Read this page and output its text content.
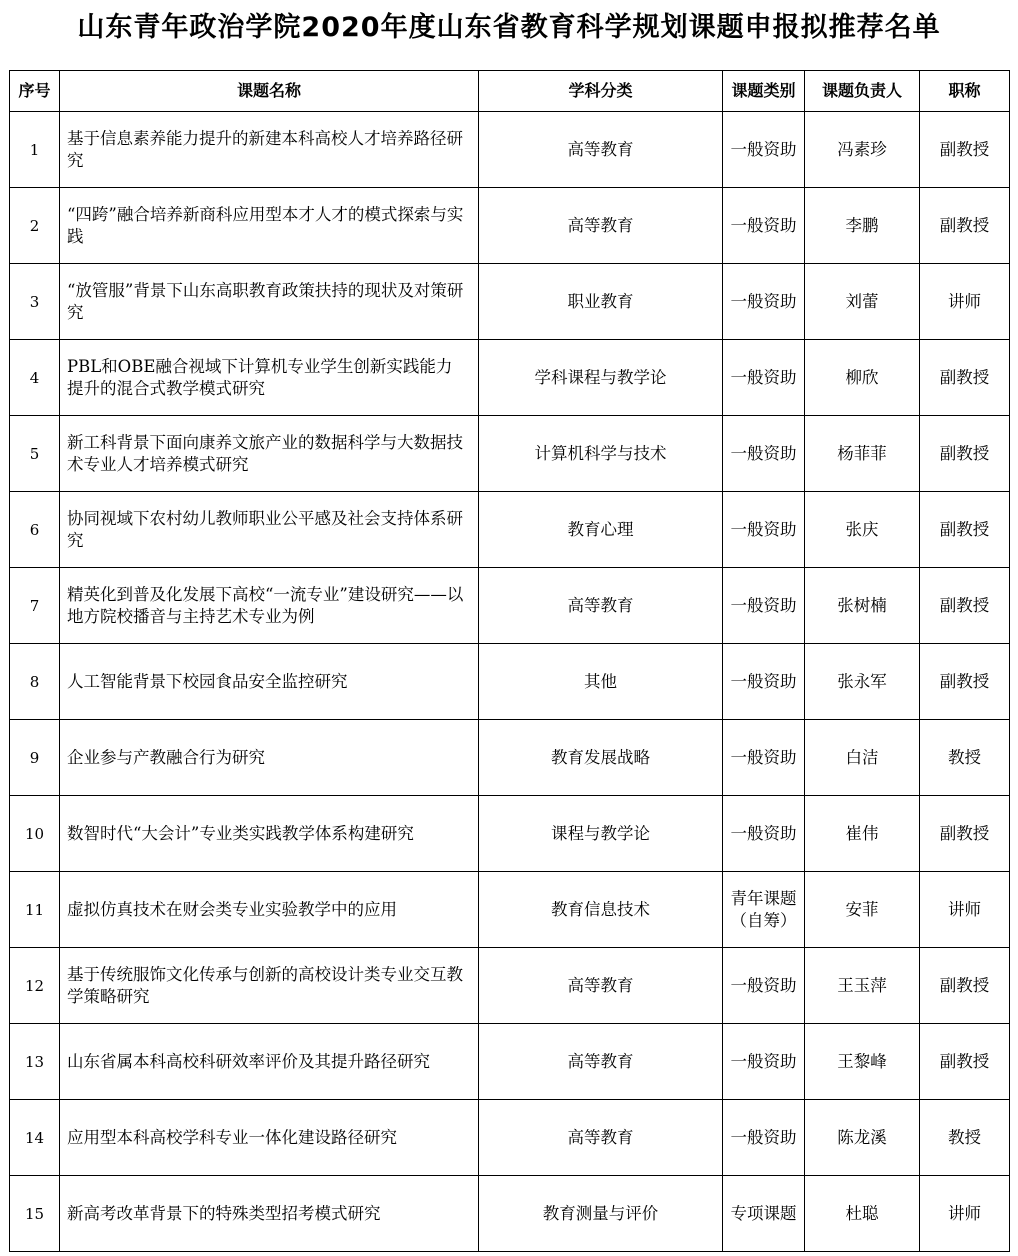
山东青年政治学院2020年度山东省教育科学规划课题申报拟推荐名单
序号	课题名称	学科分类	课题类别	课题负责人	职称
1	基于信息素养能力提升的新建本科高校人才培养路径研究	高等教育	一般资助	冯素珍	副教授
2	“四跨”融合培养新商科应用型本才人才的模式探索与实践	高等教育	一般资助	李鹏	副教授
3	“放管服”背景下山东高职教育政策扶持的现状及对策研究	职业教育	一般资助	刘蕾	讲师
4	PBL和OBE融合视域下计算机专业学生创新实践能力提升的混合式教学模式研究	学科课程与教学论	一般资助	柳欣	副教授
5	新工科背景下面向康养文旅产业的数据科学与大数据技术专业人才培养模式研究	计算机科学与技术	一般资助	杨菲菲	副教授
6	协同视域下农村幼儿教师职业公平感及社会支持体系研究	教育心理	一般资助	张庆	副教授
7	精英化到普及化发展下高校“一流专业”建设研究——以地方院校播音与主持艺术专业为例	高等教育	一般资助	张树楠	副教授
8	人工智能背景下校园食品安全监控研究	其他	一般资助	张永军	副教授
9	企业参与产教融合行为研究	教育发展战略	一般资助	白洁	教授
10	数智时代“大会计”专业类实践教学体系构建研究	课程与教学论	一般资助	崔伟	副教授
11	虚拟仿真技术在财会类专业实验教学中的应用	教育信息技术	青年课题（自筹）	安菲	讲师
12	基于传统服饰文化传承与创新的高校设计类专业交互教学策略研究	高等教育	一般资助	王玉萍	副教授
13	山东省属本科高校科研效率评价及其提升路径研究	高等教育	一般资助	王黎峰	副教授
14	应用型本科高校学科专业一体化建设路径研究	高等教育	一般资助	陈龙溪	教授
15	新高考改革背景下的特殊类型招考模式研究	教育测量与评价	专项课题	杜聪	讲师
